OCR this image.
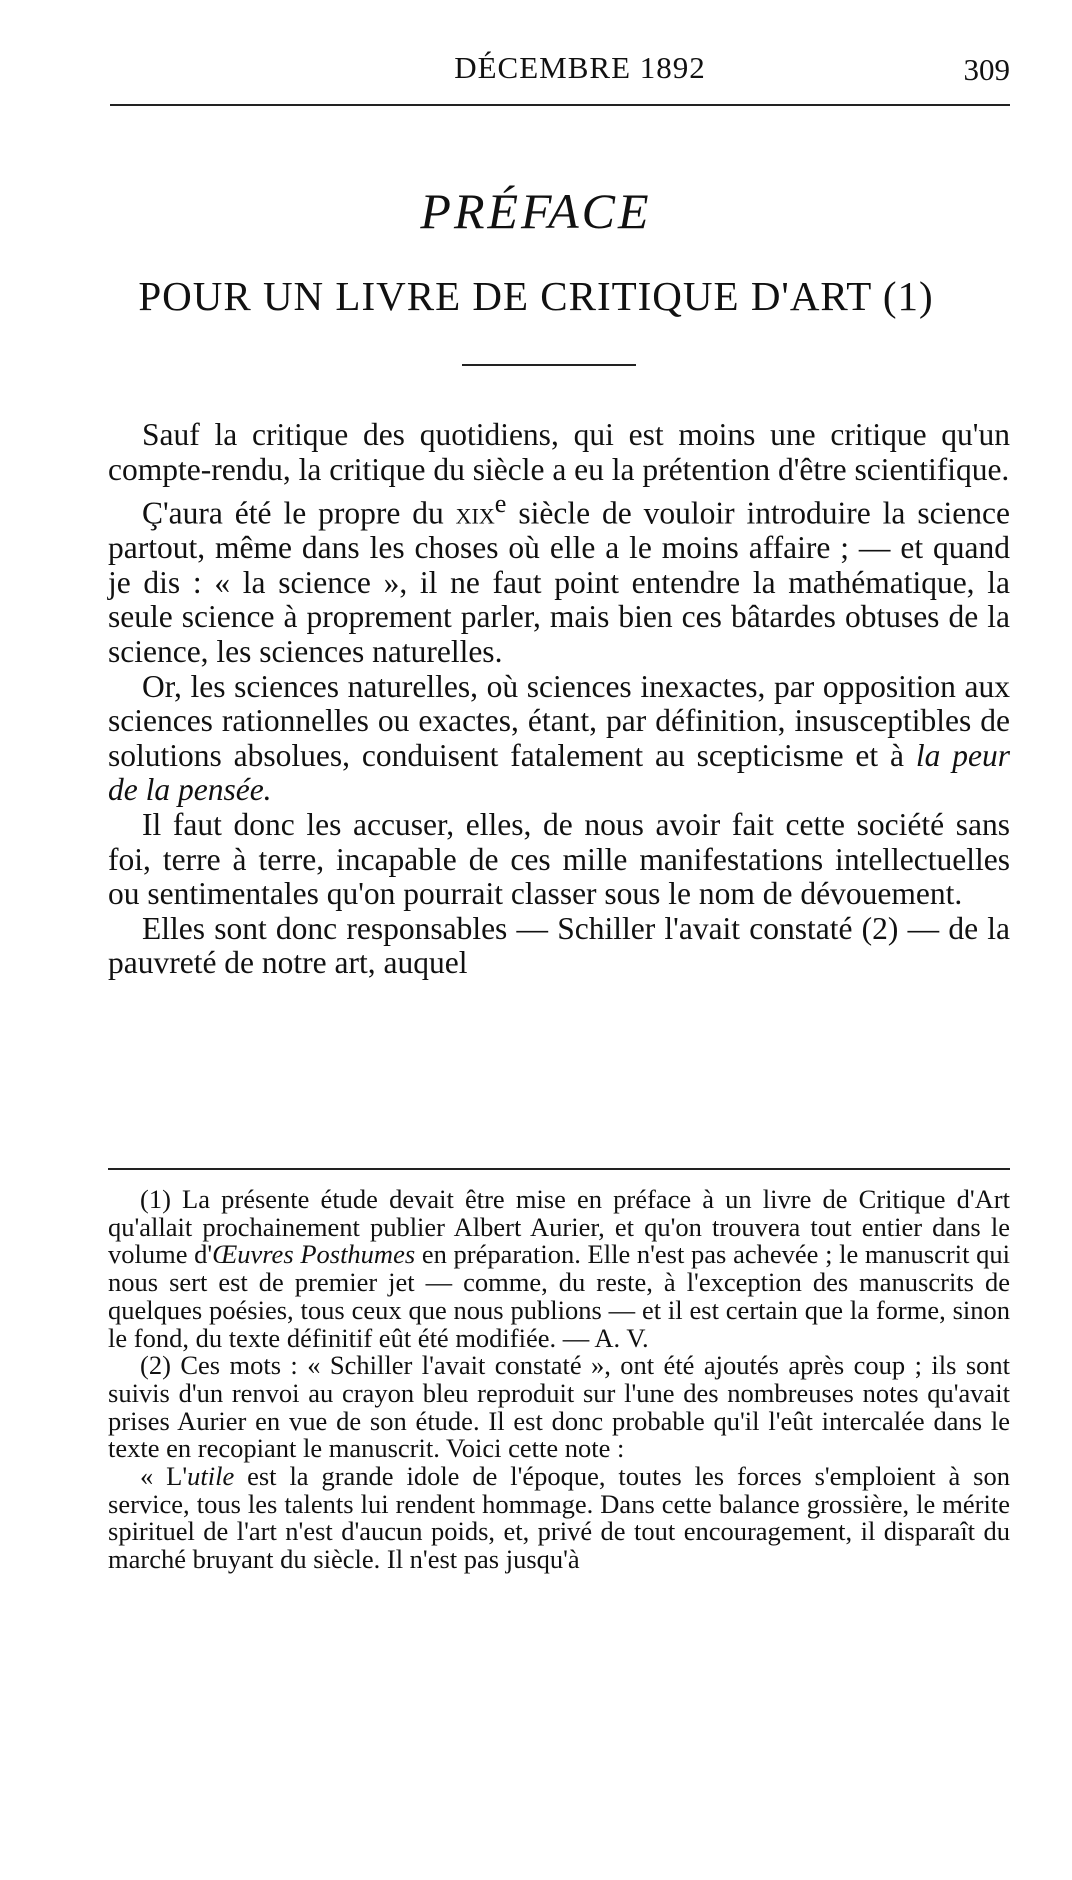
DÉCEMBRE 1892	309
PRÉFACE
POUR UN LIVRE DE CRITIQUE D'ART (1)

Sauf la critique des quotidiens, qui est moins une critique qu'un compte-rendu, la critique du siècle a eu la prétention d'être scientifique.

Ç'aura été le propre du xix$^e$ siècle de vouloir introduire la science partout, même dans les choses où elle a le moins affaire ; — et quand je dis : « la science », il ne faut point entendre la mathématique, la seule science à proprement parler, mais bien ces bâtardes obtuses de la science, les sciences naturelles.

Or, les sciences naturelles, où sciences inexactes, par opposition aux sciences rationnelles ou exactes, étant, par définition, insusceptibles de solutions absolues, conduisent fatalement au scepticisme et à la peur de la pensée.

Il faut donc les accuser, elles, de nous avoir fait cette société sans foi, terre à terre, incapable de ces mille manifestations intellectuelles ou sentimentales qu'on pourrait classer sous le nom de dévouement.

Elles sont donc responsables — Schiller l'avait constaté (2) — de la pauvreté de notre art, auquel

(1) La présente étude devait être mise en préface à un livre de Critique d'Art qu'allait prochainement publier Albert Aurier, et qu'on trouvera tout entier dans le volume d'Œuvres Posthumes en préparation. Elle n'est pas achevée ; le manuscrit qui nous sert est de premier jet — comme, du reste, à l'exception des manuscrits de quelques poésies, tous ceux que nous publions — et il est certain que la forme, sinon le fond, du texte définitif eût été modifiée. — A. V.

(2) Ces mots : « Schiller l'avait constaté », ont été ajoutés après coup ; ils sont suivis d'un renvoi au crayon bleu reproduit sur l'une des nombreuses notes qu'avait prises Aurier en vue de son étude. Il est donc probable qu'il l'eût intercalée dans le texte en recopiant le manuscrit. Voici cette note :

« L'utile est la grande idole de l'époque, toutes les forces s'emploient à son service, tous les talents lui rendent hommage. Dans cette balance grossière, le mérite spirituel de l'art n'est d'aucun poids, et, privé de tout encouragement, il disparaît du marché bruyant du siècle. Il n'est pas jusqu'à
